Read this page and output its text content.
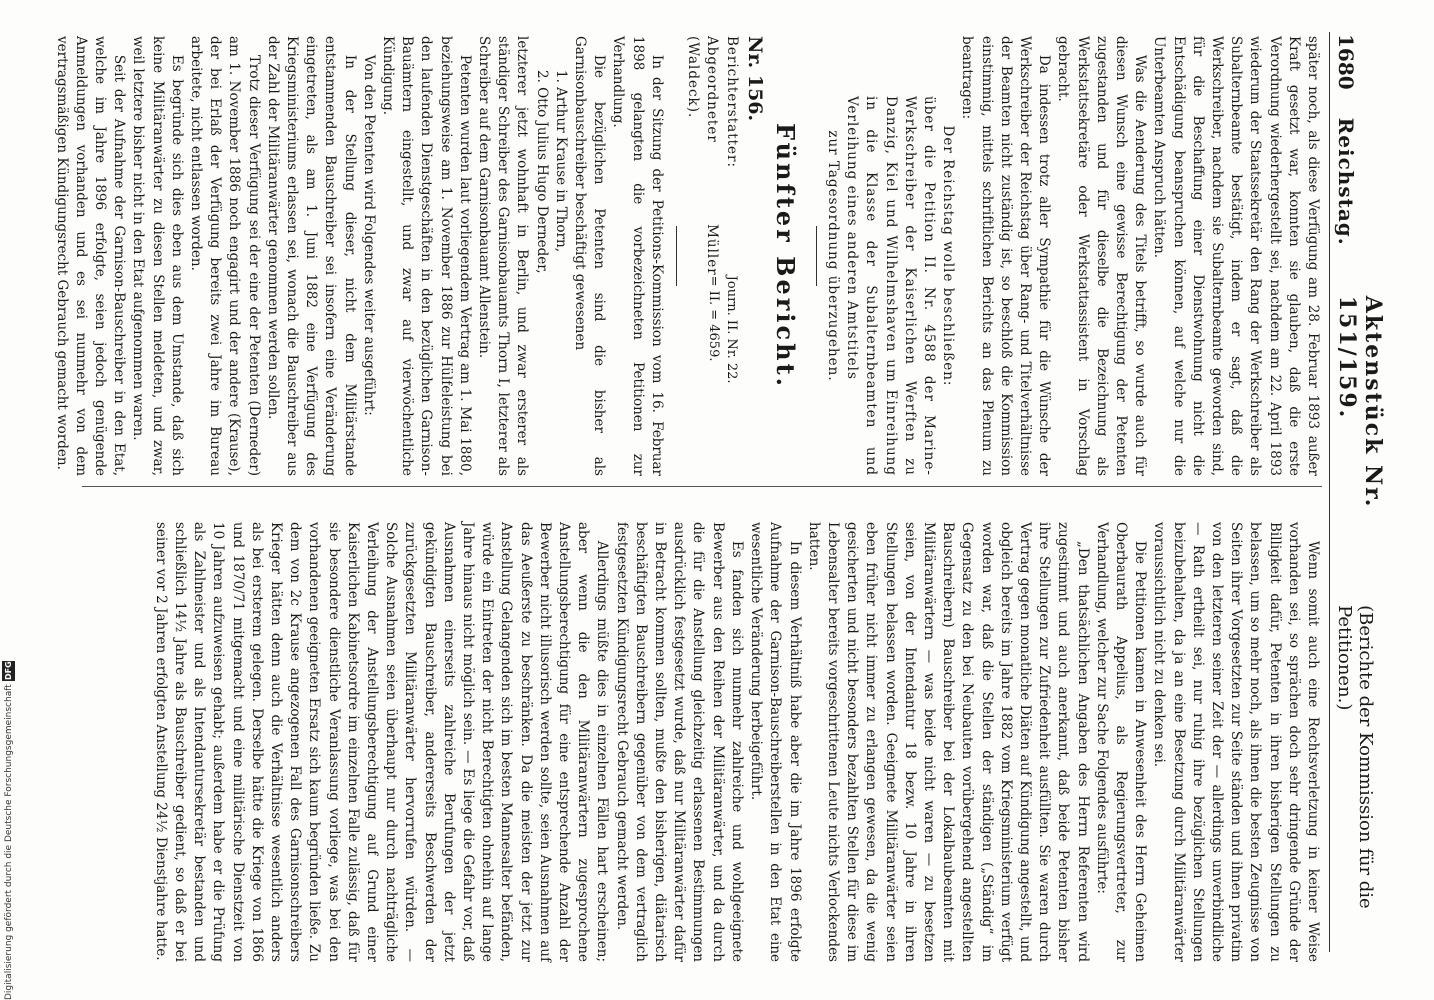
1680
Reichstag.
Aktenstück Nr. 151/159.
(Berichte der Kommission für die Petitionen.)

später noch, als diese Verfügung am 28. Februar 1893 außer Kraft gesetzt war, konnten sie glauben, daß die erste Verordnung wiederhergestellt sei, nachdem am 22. April 1893 wiederum der Staatssekretär den Rang der Werkschreiber als Subalternbeamte bestätigt, indem er sagt, daß die Werkschreiber, nachdem sie Subalternbeamte geworden sind, für die Beschaffung einer Dienstwohnung nicht die Entschädigung beanspruchen können, auf welche nur die Unterbeamten Anspruch hätten.

Was die Aenderung des Titels betrifft, so wurde auch für diesen Wunsch eine gewisse Berechtigung der Petenten zugestanden und für dieselbe die Bezeichnung als Werkstattsekretäre oder Werkstattassistent in Vorschlag gebracht.

Da indessen trotz aller Sympathie für die Wünsche der Werkschreiber der Reichstag über Rang- und Titelverhältnisse der Beamten nicht zuständig ist, so beschloß die Kommission einstimmig, mittels schriftlichen Berichts an das Plenum zu beantragen:

Der Reichstag wolle beschließen:

über die Petition II. Nr. 4588 der Marine-Werkschreiber der Kaiserlichen Werften zu Danzig, Kiel und Wilhelmshaven um Einreihung in die Klasse der Subalternbeamten und Verleihung eines anderen Amtstitels

zur Tagesordnung überzugehen.

Fünfter Bericht.
Nr. 156.
Berichterstatter:
Abgeordneter Müller (Waldeck).
Journ. II. Nr. 22.
= II. = 4659.

In der Sitzung der Petitions-Kommission vom 16. Februar 1898 gelangten die vorbezeichneten Petitionen zur Verhandlung.

Die bezüglichen Petenten sind die bisher als Garnisonbauschreiber beschäftigt gewesenen

1. Arthur Krause in Thorn,

2. Otto Julius Hugo Derneder,

letzterer jetzt wohnhaft in Berlin, und zwar ersterer als ständiger Schreiber des Garnisonbauamts Thorn I, letzterer als Schreiber auf dem Garnisonbauamt Allenstein.

Petenten wurden laut vorliegendem Vertrag am 1. Mai 1880, beziehungsweise am 1. November 1886 zur Hülfeleistung bei den laufenden Dienstgeschäften in den bezüglichen Garnison-Bauämtern eingestellt, und zwar auf vierwöchentliche Kündigung.

Von den Petenten wird Folgendes weiter ausgeführt:

In der Stellung dieser, nicht dem Militärstande entstammenden Bauschreiber sei insofern eine Veränderung eingetreten, als am 1. Juni 1882 eine Verfügung des Kriegsministeriums erlassen sei, wonach die Bauschreiber aus der Zahl der Militäranwärter genommen werden sollen.

Trotz dieser Verfügung sei der eine der Petenten (Derneder) am 1. November 1886 noch engagirt und der andere (Krause), der bei Erlaß der Verfügung bereits zwei Jahre im Bureau arbeitete, nicht entlassen worden.

Es begründe sich dies eben aus dem Umstande, daß sich keine Militäranwärter zu diesen Stellen meldeten, und zwar, weil letztere bisher nicht in den Etat aufgenommen waren.

Seit der Aufnahme der Garnison-Bauschreiber in den Etat, welche im Jahre 1896 erfolgte, seien jedoch genügende Anmeldungen vorhanden und es sei nunmehr von dem vertragsmäßigen Kündigungsrecht Gebrauch gemacht worden.

Wenn somit auch eine Rechtsverletzung in keiner Weise vorhanden sei, so sprächen doch sehr dringende Gründe der Billigkeit dafür, Petenten in ihren bisherigen Stellungen zu belassen, um so mehr noch, als ihnen die besten Zeugnisse von Seiten ihrer Vorgesetzten zur Seite ständen und ihnen privatim von den letzteren seiner Zeit der — allerdings unverbindliche — Rath ertheilt sei, nur ruhig ihre bezüglichen Stellungen beizubehalten, da ja an eine Besetzung durch Militäranwärter voraussichtlich nicht zu denken sei.

Die Petitionen kamen in Anwesenheit des Herrn Geheimen Oberbaurath Appelius, als Regierungsvertreter, zur Verhandlung, welcher zur Sache Folgendes ausführte:

„Den thatsächlichen Angaben des Herrn Referenten wird zugestimmt und auch anerkannt, daß beide Petenten bisher ihre Stellungen zur Zufriedenheit ausfüllten. Sie waren durch Vertrag gegen monatliche Diäten auf Kündigung angestellt, und obgleich bereits im Jahre 1882 vom Kriegsministerium verfügt worden war, daß die Stellen der ständigen („Ständig“ im Gegensatz zu den bei Neubauten vorübergehend angestellten Bauschreibern) Bauschreiber bei der Lokalbaubeamten mit Militäranwärtern — was beide nicht waren — zu besetzen seien, von der Intendantur 18 bezw. 10 Jahre in ihren Stellungen belassen worden. Geeignete Militäranwärter seien eben früher nicht immer zu erlangen gewesen, da die wenig gesicherten und nicht besonders bezahlten Stellen für diese im Lebensalter bereits vorgeschrittenen Leute nichts Verlockendes hatten.

In diesem Verhältniß habe aber die im Jahre 1896 erfolgte Aufnahme der Garnison-Bauschreiberstellen in den Etat eine wesentliche Veränderung herbeigeführt.

Es fanden sich nunmehr zahlreiche und wohlgeeignete Bewerber aus den Reihen der Militäranwärter, und da durch die für die Anstellung gleichzeitig erlassenen Bestimmungen ausdrücklich festgesetzt wurde, daß nur Militäranwärter dafür in Betracht kommen sollten, mußte den bisherigen, diätarisch beschäftigten Bauschreibern gegenüber von dem vertraglich festgesetzten Kündigungsrecht Gebrauch gemacht werden.

Allerdings müßte dies in einzelnen Fällen hart erscheinen; aber wenn die den Militäranwärtern zugesprochene Anstellungsberechtigung für eine entsprechende Anzahl der Bewerber nicht illusorisch werden sollte, seien Ausnahmen auf das Aeußerste zu beschränken. Da die meisten der jetzt zur Anstellung Gelangenden sich im besten Mannesalter befänden, würde ein Eintreten der nicht Berechtigten ohnehin auf lange Jahre hinaus nicht möglich sein. — Es liege die Gefahr vor, daß Ausnahmen einerseits zahlreiche Berufungen der jetzt gekündigten Bauschreiber, andererseits Beschwerden der zurückgesetzten Militäranwärter hervorrufen würden. — Solche Ausnahmen seien überhaupt nur durch nachträgliche Verleihung der Anstellungsberechtigung auf Grund einer Kaiserlichen Kabinetsordre im einzelnen Falle zulässig, daß für sie besondere dienstliche Veranlassung vorliege, was bei den vorhandenen geeigneten Ersatz sich kaum begründen ließe. Zu dem von 2c Krause angezogenen Fall des Garnisonschreibers Krieger hätten denn auch die Verhältnisse wesentlich anders als bei ersterem gelegen. Derselbe hätte die Kriege von 1866 und 1870/71 mitgemacht und eine militärische Dienstzeit von 10 Jahren aufzuweisen gehabt; außerdem habe er die Prüfung als Zahlmeister und als Intendantursekretär bestanden und schließlich 14½ Jahre als Bauschreiber gedient, so daß er bei seiner vor 2 Jahren erfolgten Anstellung 24½ Dienstjahre hatte.

Digitalisierung gefördert durch die Deutsche Forschungsgemeinschaft DFG
